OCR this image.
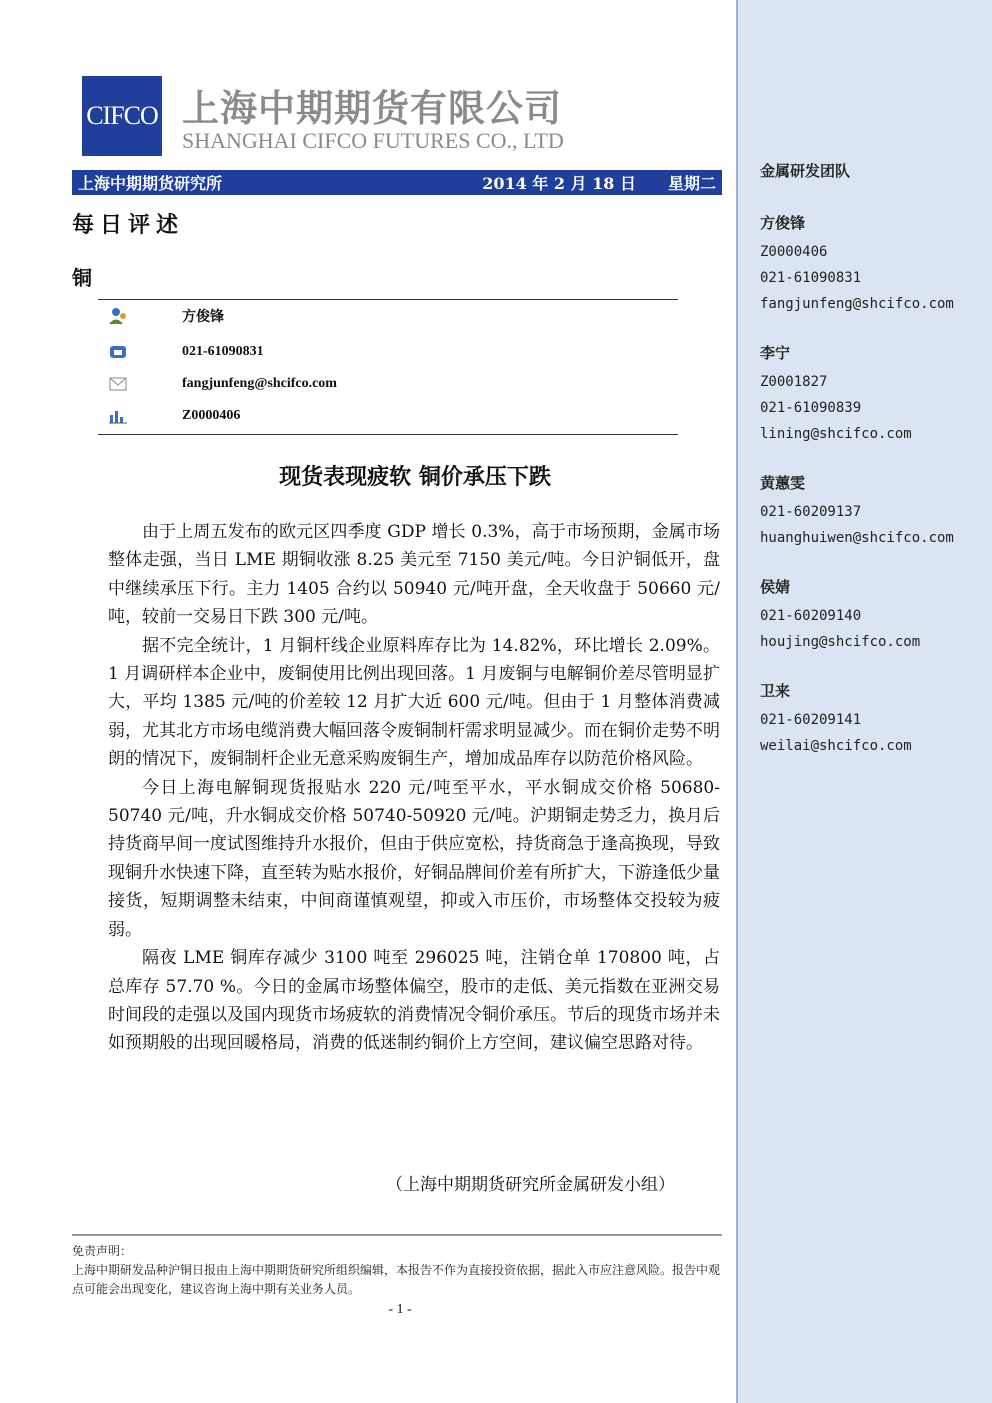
CIFCO 上海中期期货有限公司
SHANGHAI CIFCO FUTURES CO., LTD
上海中期期货研究所	2014 年 2 月 18 日 星期二
每日评述
铜
方俊锋
021-61090831
fangjunfeng@shcifco.com
Z0000406
现货表现疲软 铜价承压下跌

由于上周五发布的欧元区四季度 GDP 增长 0.3%，高于市场预期，金属市场整体走强，当日 LME 期铜收涨 8.25 美元至 7150 美元/吨。今日沪铜低开，盘中继续承压下行。主力 1405 合约以 50940 元/吨开盘，全天收盘于 50660 元/吨，较前一交易日下跌 300 元/吨。

据不完全统计，1 月铜杆线企业原料库存比为 14.82%，环比增长 2.09%。1 月调研样本企业中，废铜使用比例出现回落。1 月废铜与电解铜价差尽管明显扩大，平均 1385 元/吨的价差较 12 月扩大近 600 元/吨。但由于 1 月整体消费减弱，尤其北方市场电缆消费大幅回落令废铜制杆需求明显减少。而在铜价走势不明朗的情况下，废铜制杆企业无意采购废铜生产，增加成品库存以防范价格风险。

今日上海电解铜现货报贴水 220 元/吨至平水，平水铜成交价格 50680-50740 元/吨，升水铜成交价格 50740-50920 元/吨。沪期铜走势乏力，换月后持货商早间一度试图维持升水报价，但由于供应宽松，持货商急于逢高换现，导致现铜升水快速下降，直至转为贴水报价，好铜品牌间价差有所扩大，下游逢低少量接货，短期调整未结束，中间商谨慎观望，抑或入市压价，市场整体交投较为疲弱。

隔夜 LME 铜库存减少 3100 吨至 296025 吨，注销仓单 170800 吨，占总库存 57.70 %。今日的金属市场整体偏空，股市的走低、美元指数在亚洲交易时间段的走强以及国内现货市场疲软的消费情况令铜价承压。节后的现货市场并未如预期般的出现回暖格局，消费的低迷制约铜价上方空间，建议偏空思路对待。

（上海中期期货研究所金属研发小组）
免责声明：
上海中期研发品种沪铜日报由上海中期期货研究所组织编辑，本报告不作为直接投资依据，据此入市应注意风险。报告中观点可能会出现变化，建议咨询上海中期有关业务人员。
- 1 -
金属研发团队
方俊锋
Z0000406
021-61090831
fangjunfeng@shcifco.com
李宁
Z0001827
021-61090839
lining@shcifco.com
黄蕙雯
021-60209137
huanghuiwen@shcifco.com
侯婧
021-60209140
houjing@shcifco.com
卫来
021-60209141
weilai@shcifco.com
